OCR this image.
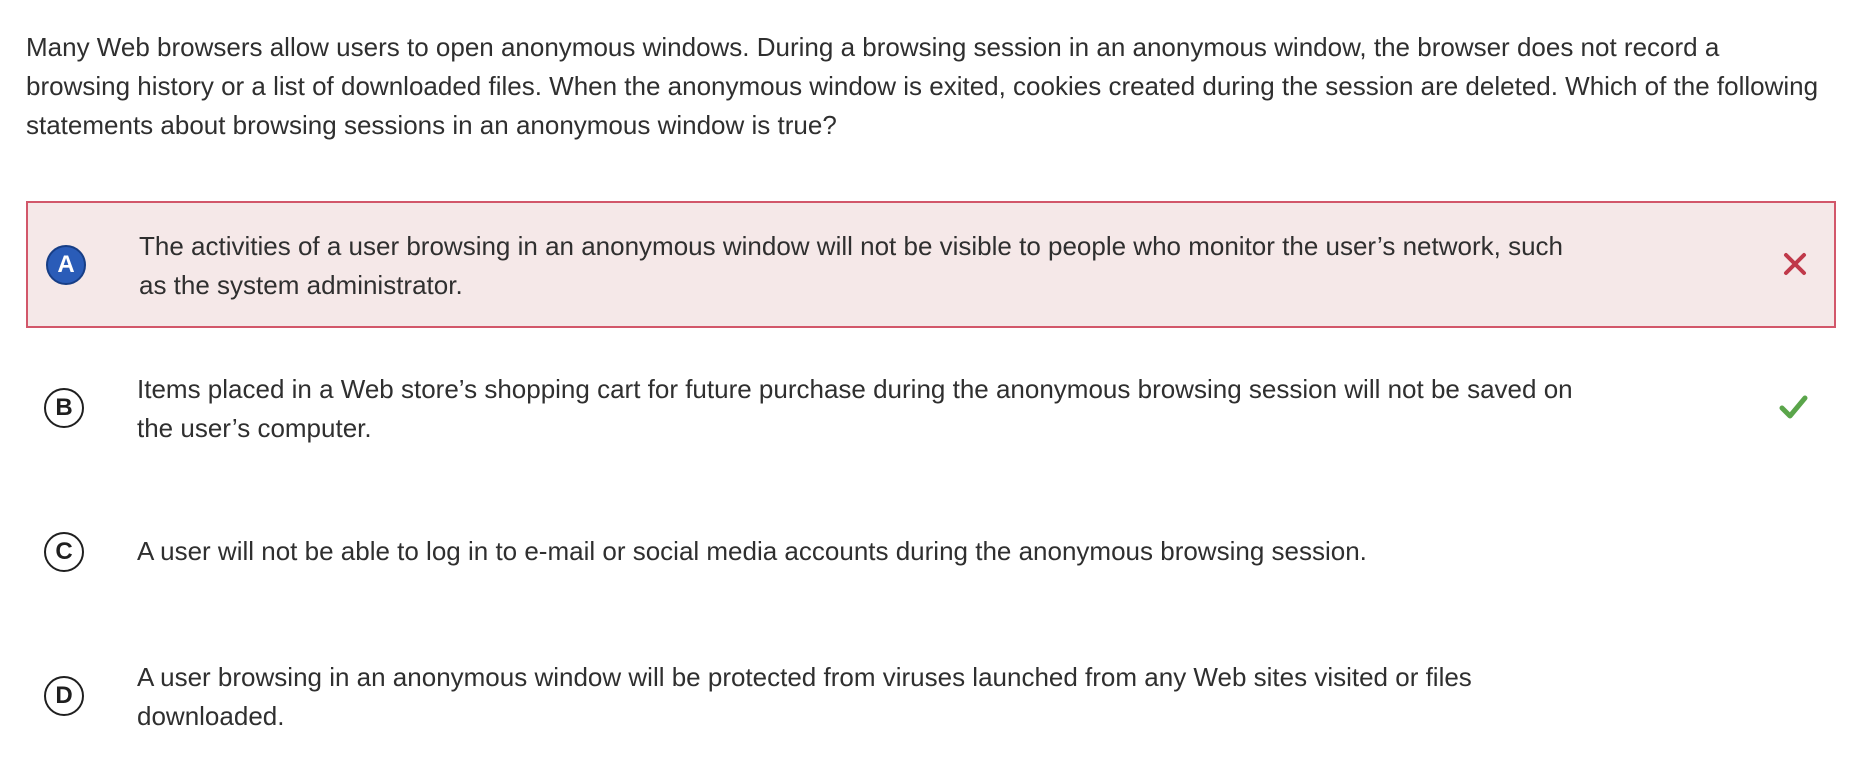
Many Web browsers allow users to open anonymous windows. During a browsing session in an anonymous window, the browser does not record a browsing history or a list of downloaded files. When the anonymous window is exited, cookies created during the session are deleted. Which of the following statements about browsing sessions in an anonymous window is true?
A
The activities of a user browsing in an anonymous window will not be visible to people who monitor the user’s network, such as the system administrator.
B
Items placed in a Web store’s shopping cart for future purchase during the anonymous browsing session will not be saved on the user’s computer.
C	A user will not be able to log in to e-mail or social media accounts during the anonymous browsing session.
D
A user browsing in an anonymous window will be protected from viruses launched from any Web sites visited or files downloaded.
